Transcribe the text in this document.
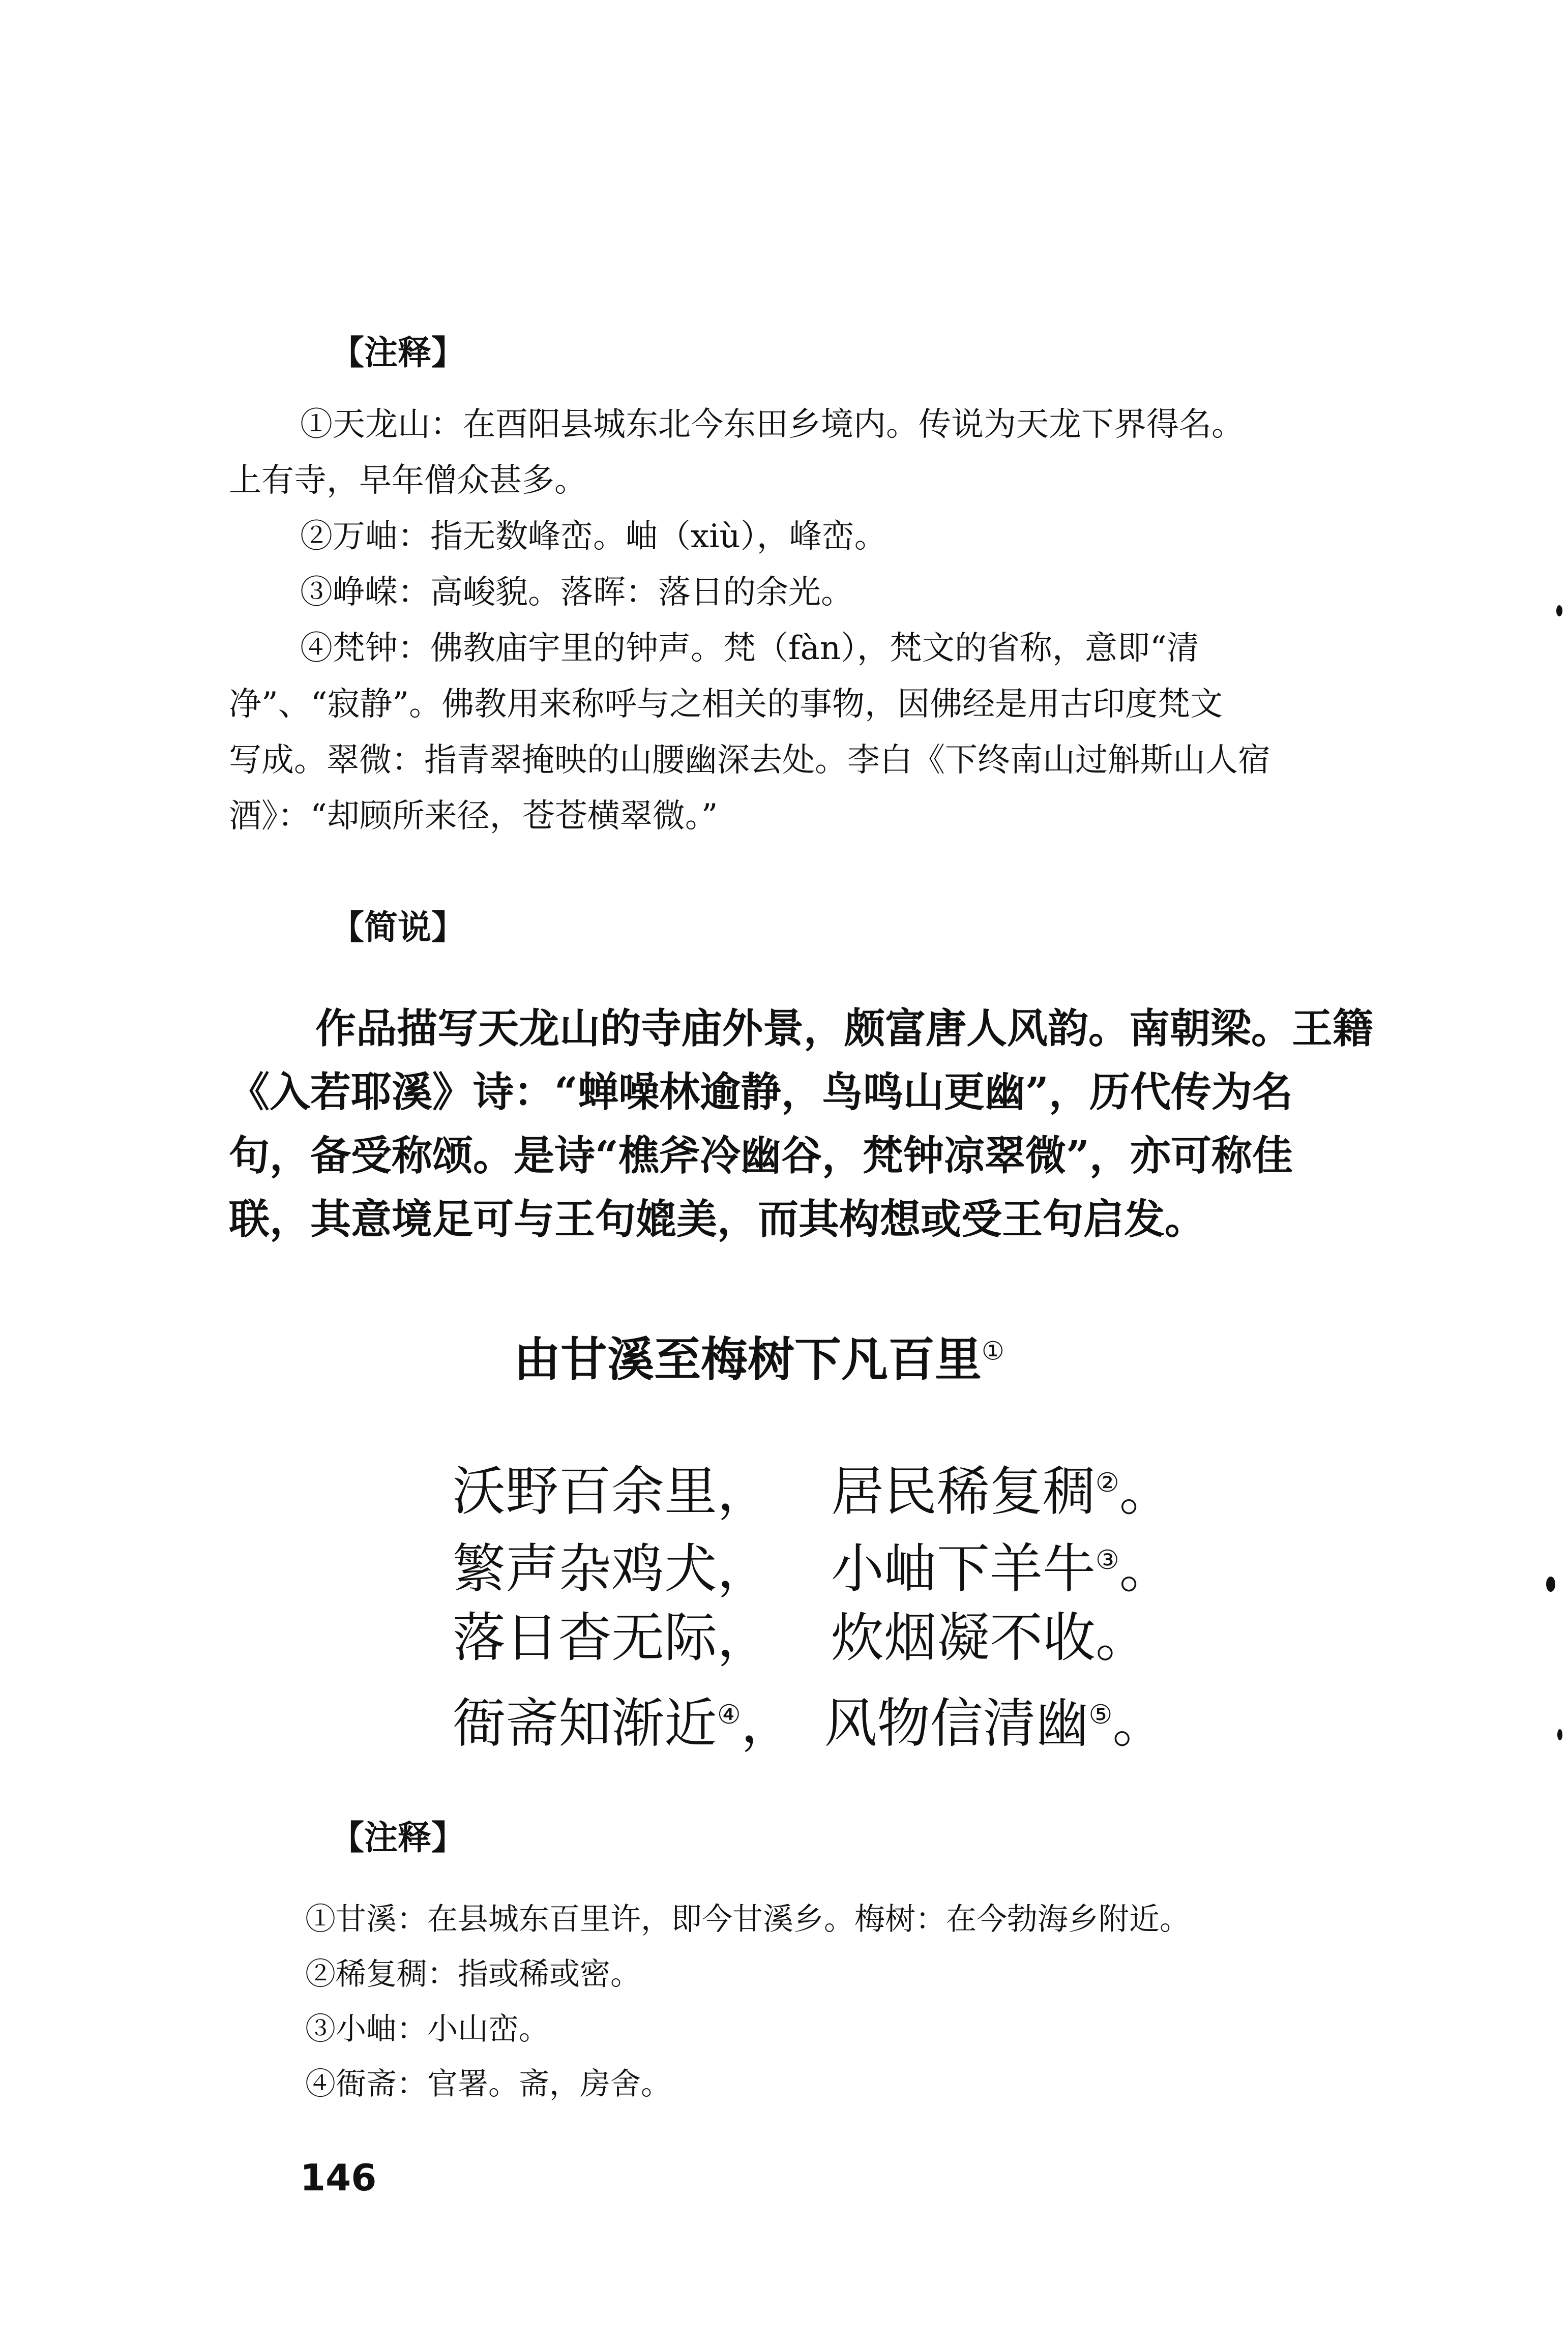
【注释】
①天龙山：在酉阳县城东北今东田乡境内。传说为天龙下界得名。
上有寺，早年僧众甚多。
②万岫：指无数峰峦。岫（xiù），峰峦。
③峥嵘：高峻貌。落晖：落日的余光。
④梵钟：佛教庙宇里的钟声。梵（fàn），梵文的省称，意即“清
净”、“寂静”。佛教用来称呼与之相关的事物，因佛经是用古印度梵文
写成。翠微：指青翠掩映的山腰幽深去处。李白《下终南山过斛斯山人宿
酒》：“却顾所来径，苍苍横翠微。”
【简说】
作品描写天龙山的寺庙外景，颇富唐人风韵。南朝梁。王籍
《入若耶溪》诗：“蝉噪林逾静，鸟鸣山更幽”，历代传为名
句，备受称颂。是诗“樵斧冷幽谷，梵钟凉翠微”，亦可称佳
联，其意境足可与王句媲美，而其构想或受王句启发。
由甘溪至梅树下凡百里①
沃野百余里， 居民稀复稠②。
繁声杂鸡犬， 小岫下羊牛③。
落日杳无际， 炊烟凝不收。
衙斋知渐近④， 风物信清幽⑤。
【注释】
①甘溪：在县城东百里许，即今甘溪乡。梅树：在今勃海乡附近。
②稀复稠：指或稀或密。
③小岫：小山峦。
④衙斋：官署。斋，房舍。
146
